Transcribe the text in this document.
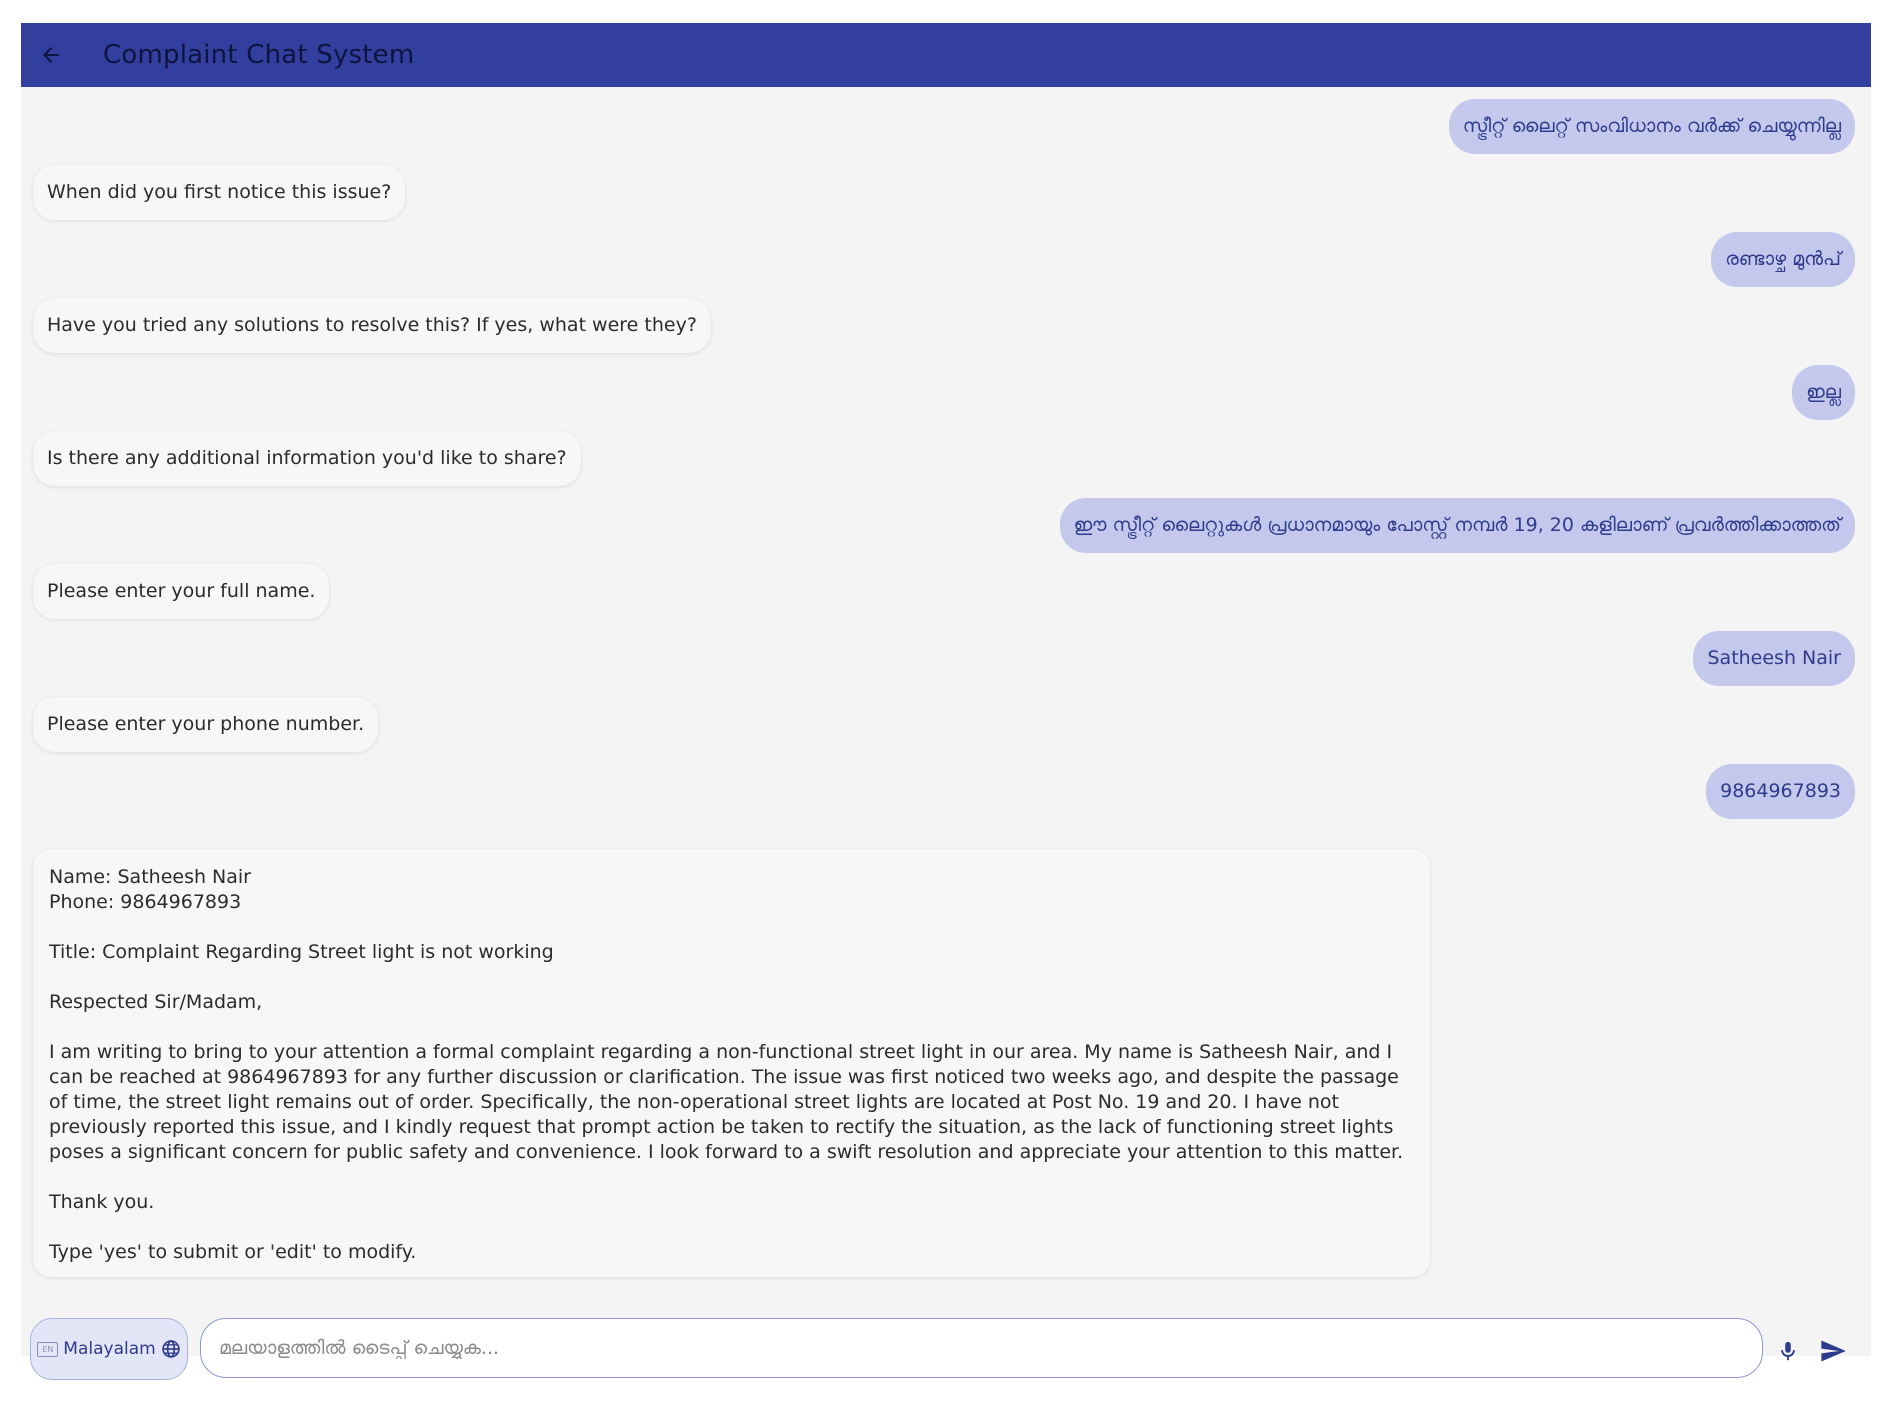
Complaint Chat System
സ്ട്രീറ്റ് ലൈറ്റ് സംവിധാനം വർക്ക് ചെയ്യുന്നില്ല
When did you first notice this issue?
രണ്ടാഴ്ച മുൻപ്
Have you tried any solutions to resolve this? If yes, what were they?
ഇല്ല
Is there any additional information you'd like to share?
ഈ സ്ട്രീറ്റ് ലൈറ്റുകൾ പ്രധാനമായും പോസ്റ്റ് നമ്പർ 19, 20 കളിലാണ് പ്രവർത്തിക്കാത്തത്
Please enter your full name.
Satheesh Nair
Please enter your phone number.
9864967893

Name: Satheesh Nair

Phone: 9864967893

Title: Complaint Regarding Street light is not working

Respected Sir/Madam,

I am writing to bring to your attention a formal complaint regarding a non-functional street light in our area. My name is Satheesh Nair, and I can be reached at 9864967893 for any further discussion or clarification. The issue was first noticed two weeks ago, and despite the passage of time, the street light remains out of order. Specifically, the non-operational street lights are located at Post No. 19 and 20. I have not previously reported this issue, and I kindly request that prompt action be taken to rectify the situation, as the lack of functioning street lights poses a significant concern for public safety and convenience. I look forward to a swift resolution and appreciate your attention to this matter.

Thank you.

Type 'yes' to submit or 'edit' to modify.

EN Malayalam
മലയാളത്തിൽ ടൈപ്പ് ചെയ്യുക...
